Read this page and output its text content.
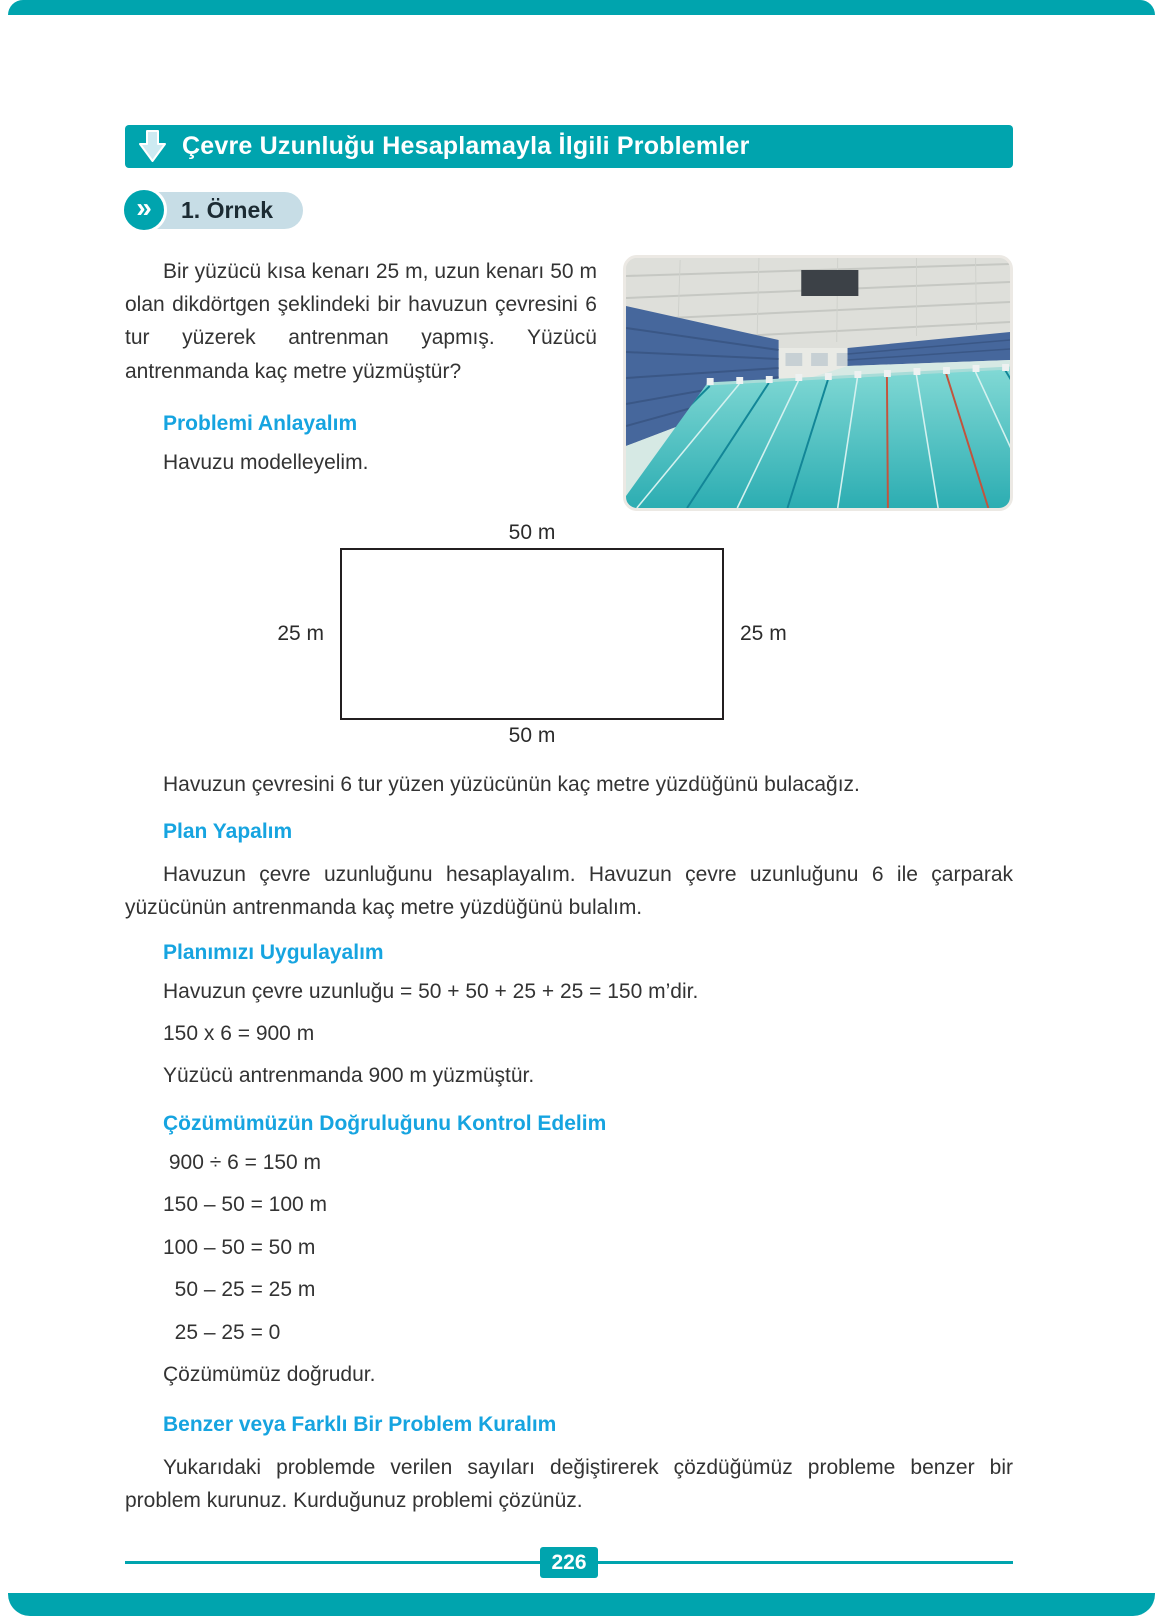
Çevre Uzunluğu Hesaplamayla İlgili Problemler
»	1. Örnek

Bir yüzücü kısa kenarı 25 m, uzun kenarı 50 m olan dikdörtgen şeklindeki bir havuzun çevresini 6 tur yüzerek antrenman yapmış. Yüzücü antrenmanda kaç metre yüzmüştür?

Problemi Anlayalım

Havuzu modelleyelim.

50 m
25 m	25 m
50 m

Havuzun çevresini 6 tur yüzen yüzücünün kaç metre yüzdüğünü bulacağız.

Plan Yapalım

Havuzun çevre uzunluğunu hesaplayalım. Havuzun çevre uzunluğunu 6 ile çarparak yüzücünün antrenmanda kaç metre yüzdüğünü bulalım.

Planımızı Uygulayalım

Havuzun çevre uzunluğu = 50 + 50 + 25 + 25 = 150 m’dir.

150 x 6 = 900 m

Yüzücü antrenmanda 900 m yüzmüştür.

Çözümümüzün Doğruluğunu Kontrol Edelim

900 ÷ 6 = 150 m

150 – 50 = 100 m

100 – 50 = 50 m

50 – 25 = 25 m

25 – 25 = 0

Çözümümüz doğrudur.

Benzer veya Farklı Bir Problem Kuralım

Yukarıdaki problemde verilen sayıları değiştirerek çözdüğümüz probleme benzer bir problem kurunuz. Kurduğunuz problemi çözünüz.

226
